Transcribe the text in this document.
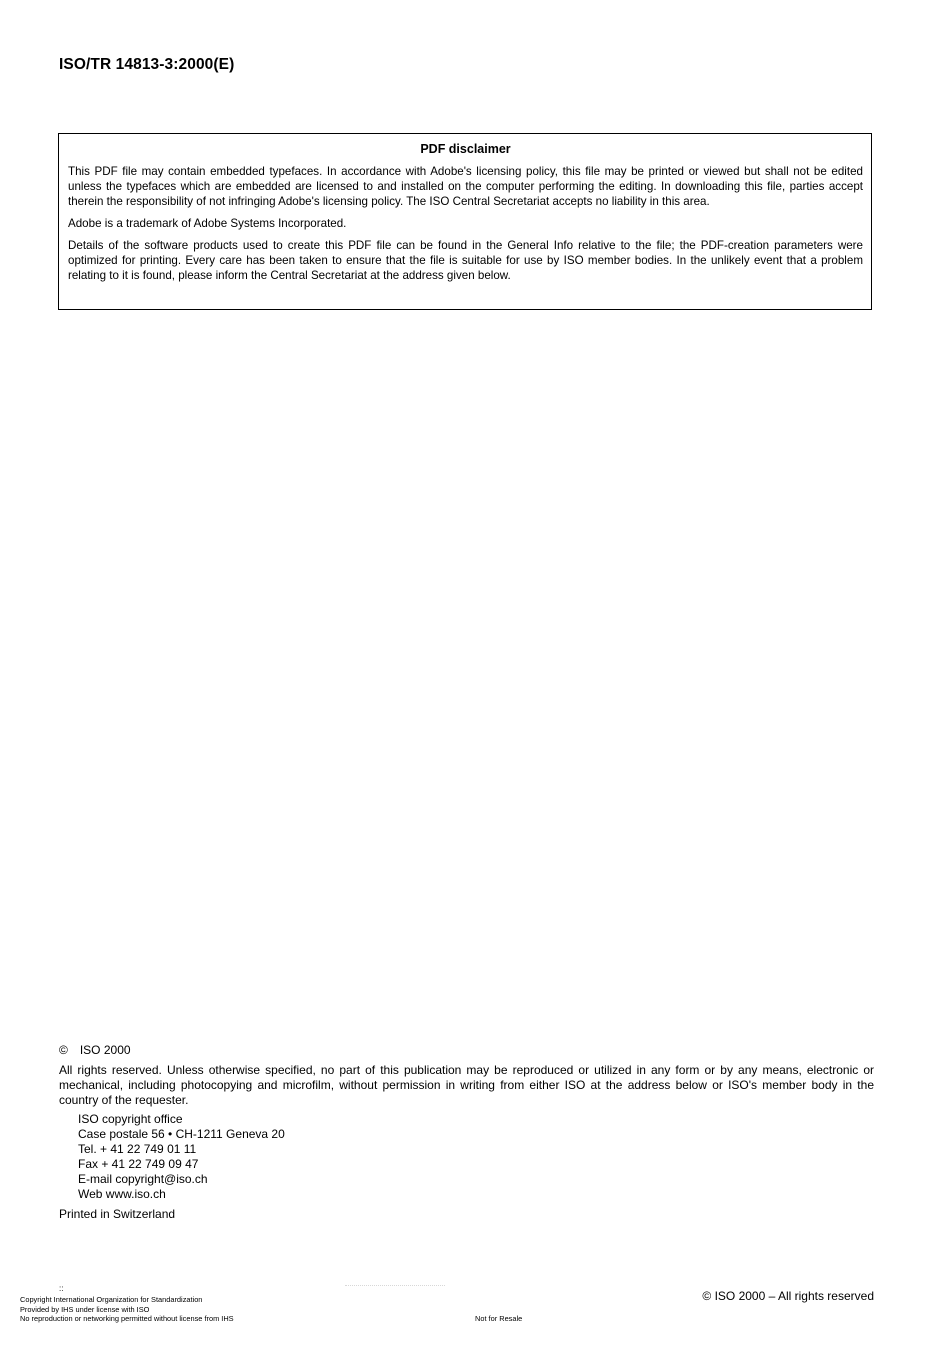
ISO/TR 14813-3:2000(E)
PDF disclaimer

This PDF file may contain embedded typefaces. In accordance with Adobe's licensing policy, this file may be printed or viewed but shall not be edited unless the typefaces which are embedded are licensed to and installed on the computer performing the editing. In downloading this file, parties accept therein the responsibility of not infringing Adobe's licensing policy. The ISO Central Secretariat accepts no liability in this area.

Adobe is a trademark of Adobe Systems Incorporated.

Details of the software products used to create this PDF file can be found in the General Info relative to the file; the PDF-creation parameters were optimized for printing. Every care has been taken to ensure that the file is suitable for use by ISO member bodies. In the unlikely event that a problem relating to it is found, please inform the Central Secretariat at the address given below.

© ISO 2000

All rights reserved. Unless otherwise specified, no part of this publication may be reproduced or utilized in any form or by any means, electronic or mechanical, including photocopying and microfilm, without permission in writing from either ISO at the address below or ISO's member body in the country of the requester.

ISO copyright office
Case postale 56 • CH-1211 Geneva 20
Tel. + 41 22 749 01 11
Fax + 41 22 749 09 47
E-mail copyright@iso.ch
Web www.iso.ch

Printed in Switzerland

::
Copyright International Organization for Standardization
Provided by IHS under license with ISO
No reproduction or networking permitted without license from IHS	Not for Resale
© ISO 2000 – All rights reserved
